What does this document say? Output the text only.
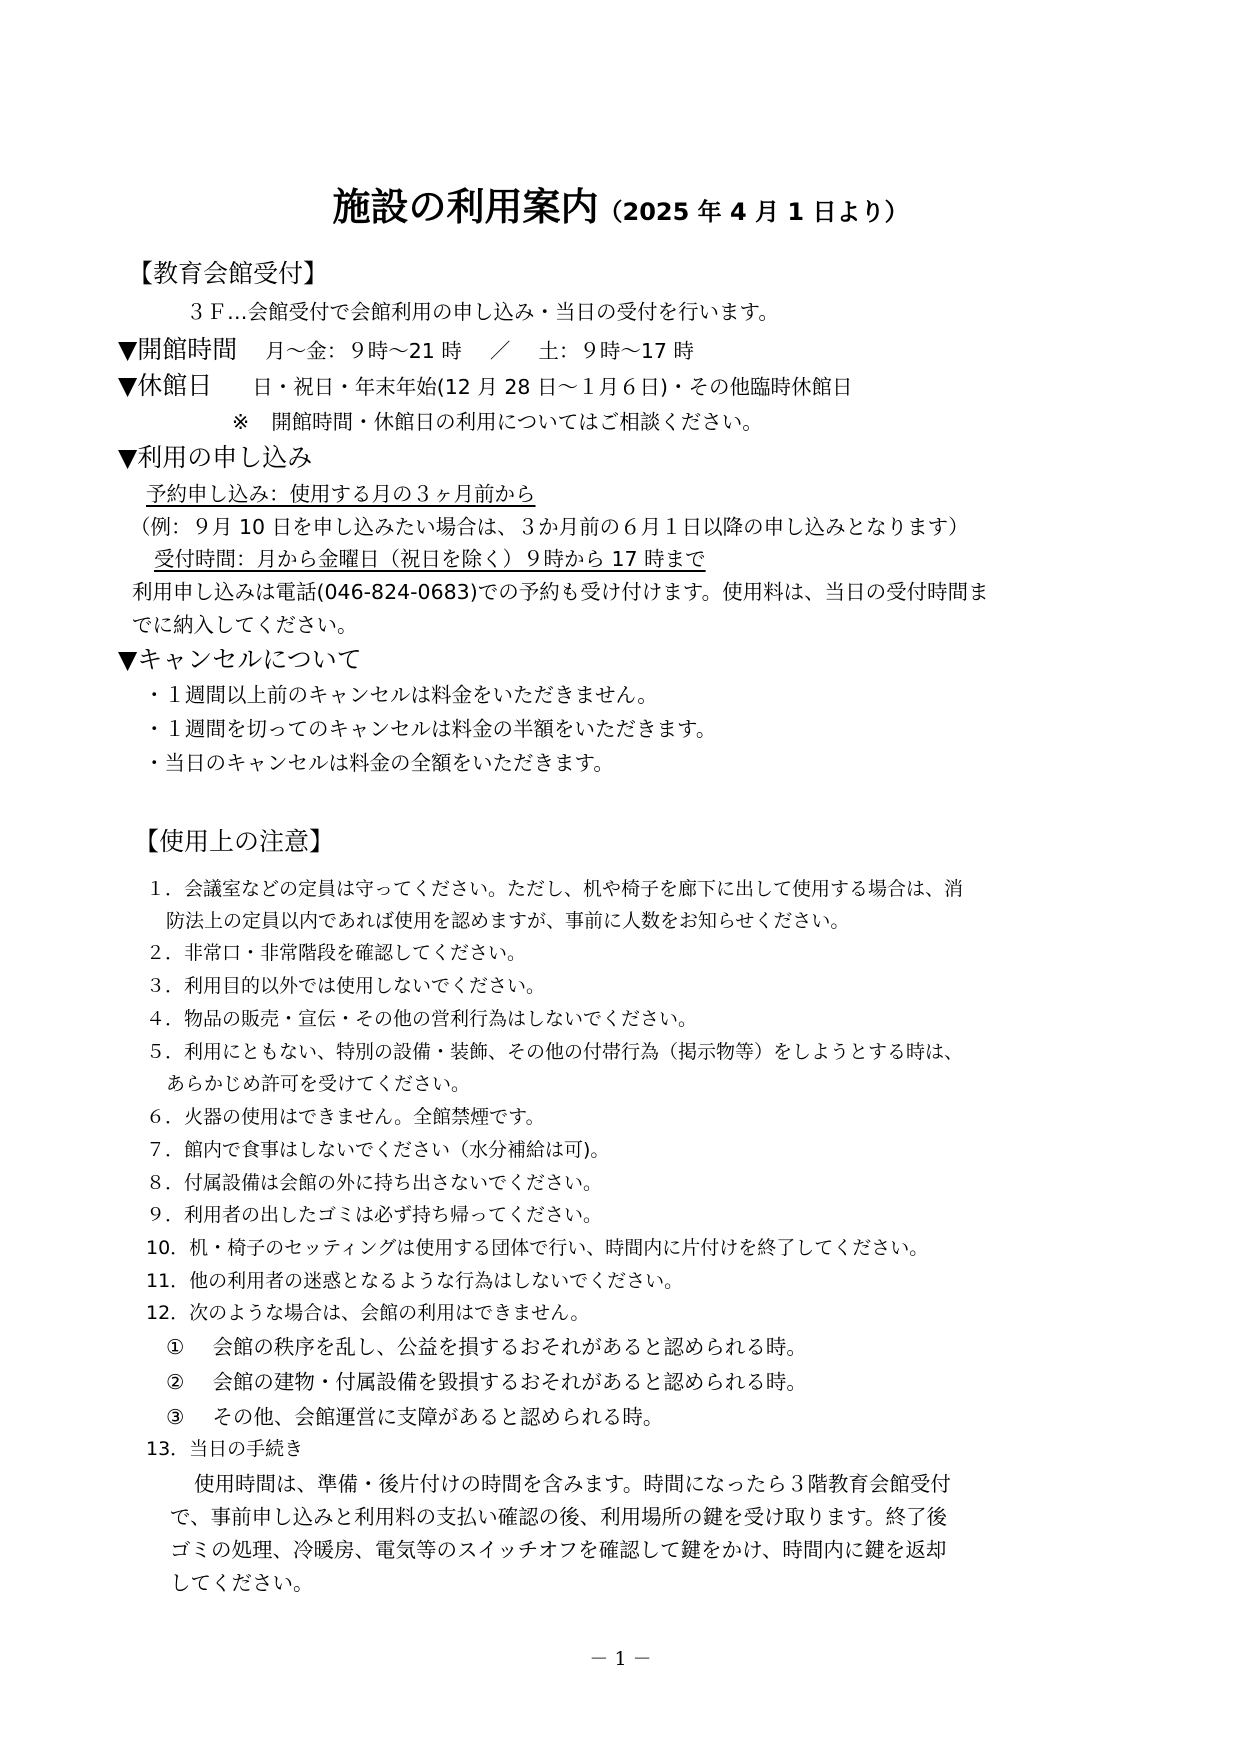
施設の利用案内（2025 年 4 月 1 日より）
【教育会館受付】
３Ｆ…会館受付で会館利用の申し込み・当日の受付を行います。
▼開館時間 月～金：９時～21 時 ／ 土：９時～17 時
▼休館日 日・祝日・年末年始(12 月 28 日～１月６日)・その他臨時休館日
※ 開館時間・休館日の利用についてはご相談ください。
▼利用の申し込み
予約申し込み：使用する月の３ヶ月前から
（例：９月 10 日を申し込みたい場合は、３か月前の６月１日以降の申し込みとなります）
受付時間：月から金曜日（祝日を除く）９時から 17 時まで
利用申し込みは電話(046-824-0683)での予約も受け付けます。使用料は、当日の受付時間ま
でに納入してください。
▼キャンセルについて
・１週間以上前のキャンセルは料金をいただきません。
・１週間を切ってのキャンセルは料金の半額をいただきます。
・当日のキャンセルは料金の全額をいただきます。
【使用上の注意】
１．会議室などの定員は守ってください。ただし、机や椅子を廊下に出して使用する場合は、消
防法上の定員以内であれば使用を認めますが、事前に人数をお知らせください。
２．非常口・非常階段を確認してください。
３．利用目的以外では使用しないでください。
４．物品の販売・宣伝・その他の営利行為はしないでください。
５．利用にともない、特別の設備・装飾、その他の付帯行為（掲示物等）をしようとする時は、
あらかじめ許可を受けてください。
６．火器の使用はできません。全館禁煙です。
７．館内で食事はしないでください（水分補給は可)。
８．付属設備は会館の外に持ち出さないでください。
９．利用者の出したゴミは必ず持ち帰ってください。
10．机・椅子のセッティングは使用する団体で行い、時間内に片付けを終了してください。
11．他の利用者の迷惑となるような行為はしないでください。
12．次のような場合は、会館の利用はできません。
① 会館の秩序を乱し、公益を損するおそれがあると認められる時。
② 会館の建物・付属設備を毀損するおそれがあると認められる時。
③ その他、会館運営に支障があると認められる時。
13．当日の手続き
使用時間は、準備・後片付けの時間を含みます。時間になったら３階教育会館受付
で、事前申し込みと利用料の支払い確認の後、利用場所の鍵を受け取ります。終了後
ゴミの処理、冷暖房、電気等のスイッチオフを確認して鍵をかけ、時間内に鍵を返却
してください。
－ 1 －
